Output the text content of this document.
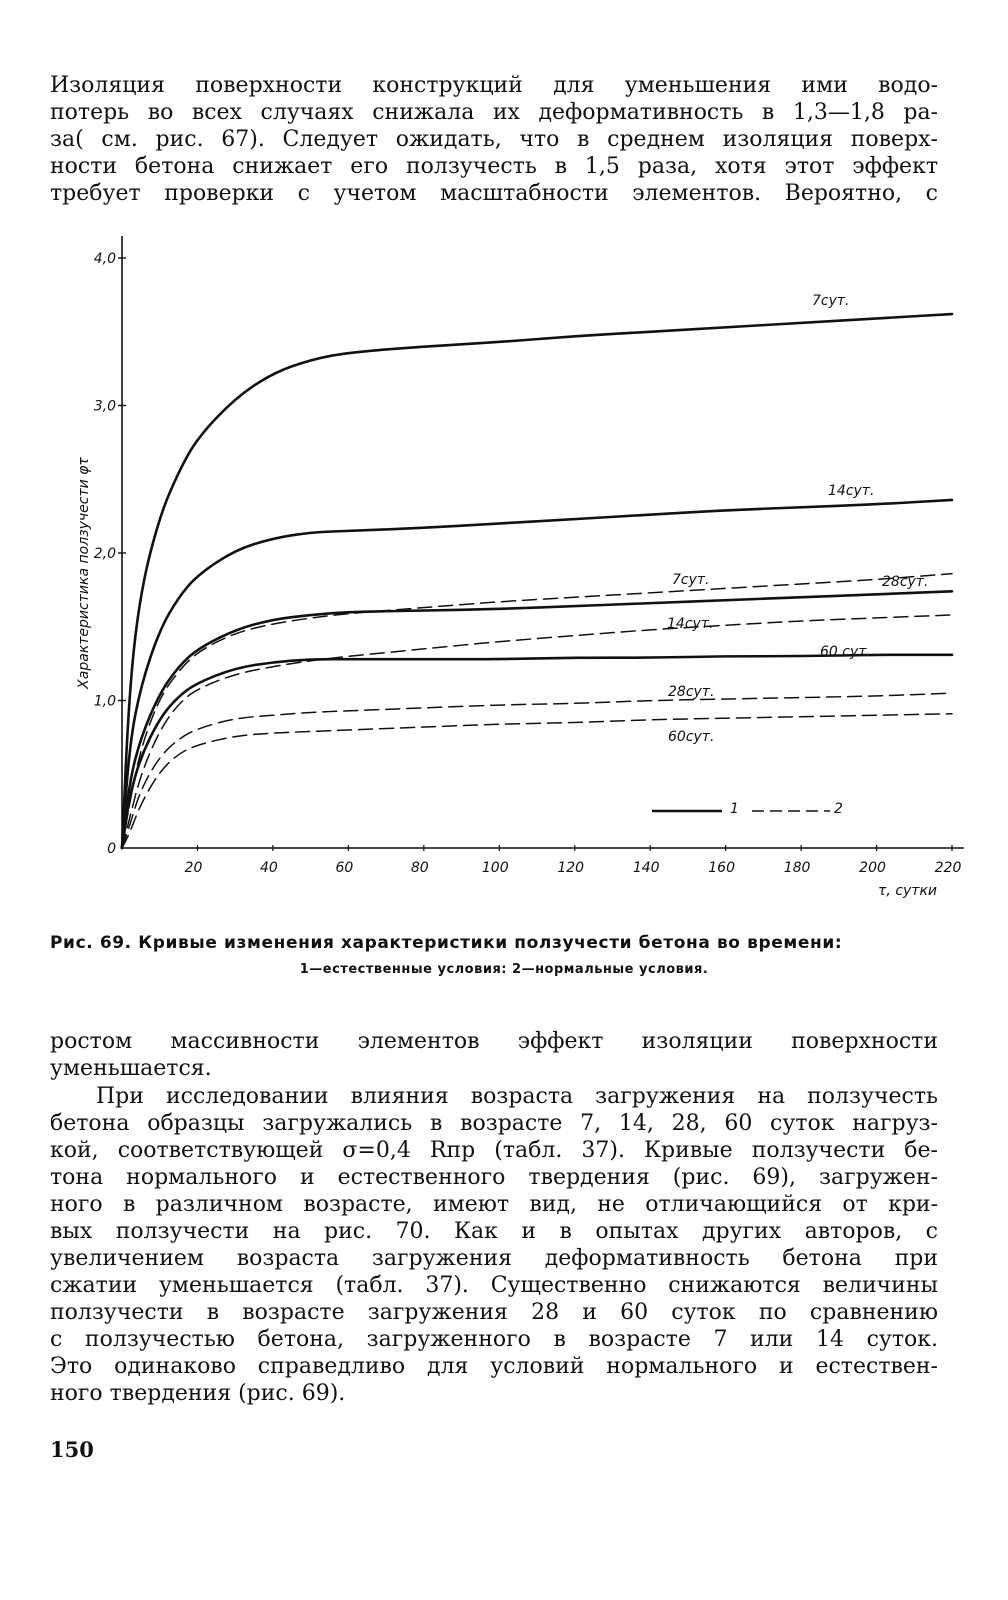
Изоляция поверхности конструкций для уменьшения ими водо-
потерь во всех случаях снижала их деформативность в 1,3—1,8 ра-
за( см. рис. 67). Следует ожидать, что в среднем изоляция поверх-
ности бетона снижает его ползучесть в 1,5 раза, хотя этот эффект
требует проверки с учетом масштабности элементов. Вероятно, с
0
1,0
2,0
3,0
4,0
20	40	60	80	100	120	140	160	180	200	220
Характеристика ползучести φτ
τ, сутки
7сут.
14сут.
7сут.
14сут.
28сут.
60сут.
60 сут.
28сут.
1	2
Рис. 69. Кривые изменения характеристики ползучести бетона во времени:
1—естественные условия: 2—нормальные условия.
ростом массивности элементов эффект изоляции поверхности
уменьшается.
При исследовании влияния возраста загружения на ползучесть
бетона образцы загружались в возрасте 7, 14, 28, 60 суток нагруз-
кой, соответствующей σ=0,4 Rпр (табл. 37). Кривые ползучести бе-
тона нормального и естественного твердения (рис. 69), загружен-
ного в различном возрасте, имеют вид, не отличающийся от кри-
вых ползучести на рис. 70. Как и в опытах других авторов, с
увеличением возраста загружения деформативность бетона при
сжатии уменьшается (табл. 37). Существенно снижаются величины
ползучести в возрасте загружения 28 и 60 суток по сравнению
с ползучестью бетона, загруженного в возрасте 7 или 14 суток.
Это одинаково справедливо для условий нормального и естествен-
ного твердения (рис. 69).
150
